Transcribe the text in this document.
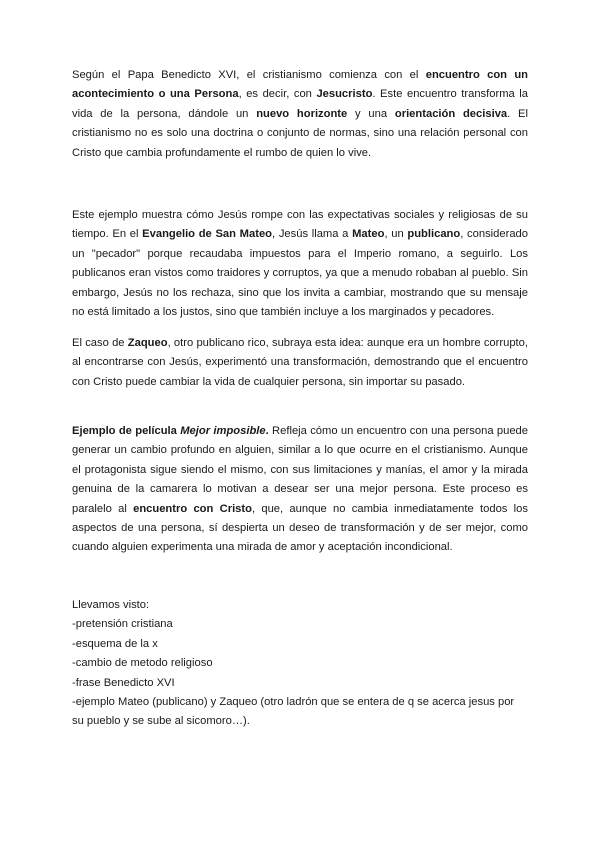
Según el Papa Benedicto XVI, el cristianismo comienza con el encuentro con un acontecimiento o una Persona, es decir, con Jesucristo. Este encuentro transforma la vida de la persona, dándole un nuevo horizonte y una orientación decisiva. El cristianismo no es solo una doctrina o conjunto de normas, sino una relación personal con Cristo que cambia profundamente el rumbo de quien lo vive.

Este ejemplo muestra cómo Jesús rompe con las expectativas sociales y religiosas de su tiempo. En el Evangelio de San Mateo, Jesús llama a Mateo, un publicano, considerado un "pecador" porque recaudaba impuestos para el Imperio romano, a seguirlo. Los publicanos eran vistos como traidores y corruptos, ya que a menudo robaban al pueblo. Sin embargo, Jesús no los rechaza, sino que los invita a cambiar, mostrando que su mensaje no está limitado a los justos, sino que también incluye a los marginados y pecadores.

El caso de Zaqueo, otro publicano rico, subraya esta idea: aunque era un hombre corrupto, al encontrarse con Jesús, experimentó una transformación, demostrando que el encuentro con Cristo puede cambiar la vida de cualquier persona, sin importar su pasado.

Ejemplo de película Mejor imposible. Refleja cómo un encuentro con una persona puede generar un cambio profundo en alguien, similar a lo que ocurre en el cristianismo. Aunque el protagonista sigue siendo el mismo, con sus limitaciones y manías, el amor y la mirada genuina de la camarera lo motivan a desear ser una mejor persona. Este proceso es paralelo al encuentro con Cristo, que, aunque no cambia inmediatamente todos los aspectos de una persona, sí despierta un deseo de transformación y de ser mejor, como cuando alguien experimenta una mirada de amor y aceptación incondicional.

Llevamos visto:
-pretensión cristiana
-esquema de la x
-cambio de metodo religioso
-frase Benedicto XVI
-ejemplo Mateo (publicano) y Zaqueo (otro ladrón que se entera de q se acerca jesus por su pueblo y se sube al sicomoro…).
